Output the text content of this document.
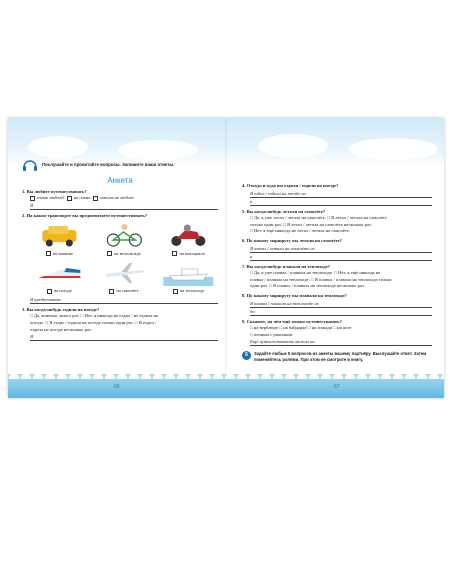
Послушайте и прочитайте вопросы. Запишите ваши ответы.
Анкета
1. Вы любите путешествовать?
очень люблю! не очень совсем не люблю
Я
2. На каком транспорте вы предпочитаете путешествовать?
на машине	на велосипеде	на мотоцикле
на поезде	на самолёте	на теплоходе
Я предпочитаю
3. Вы когда-нибудь ездили на поезде?
□ Да, конечно, много раз. □ Нет, я никогда не ездил / не ездила на
поезде. □ Я ездил / ездила на поезде только один раз. □ Я ездил /
ездила на поезде несколько раз.
Я
4. Откуда и куда вы ездили / ездили на поезде?
Я ездил / ездила на поезде из
в
5. Вы когда-нибудь летали на самолёте?
□ Да, я уже летал / летала на самолёте. □ Я летал / летала на самолёте
только один раз. □ Я летал / летала на самолёте несколько раз.
□ Нет, я ещё никогда не летал / летала на самолёте.
6. По какому маршруту вы летали на самолёте?
Я летал / летала на самолёте из
в
7. Вы когда-нибудь плавали на теплоходе?
□ Да, я уже плавал / плавала на теплоходе. □ Нет, я ещё никогда не
плавал / плавала на теплоходе. □ Я плавал / плавала на теплоходе только
один раз. □ Я плавал / плавала на теплоходе несколько раз.
8. По какому маршруту вы плавали на теплоходе?
Я плавал / плавала на теплоходе из
до
9. Скажите, на чём ещё можно путешествовать?
□ на верблюде □ на байдарке □ на лошади □ на яхте
□ пешком с рюкзаком
Ещё путешествовать можно на
6	Задайте любые 5 вопросов из анкеты вашему партнёру. Выслушайте ответ. Затем поменяйтесь ролями. При этом не смотрите в книгу.
66	67
